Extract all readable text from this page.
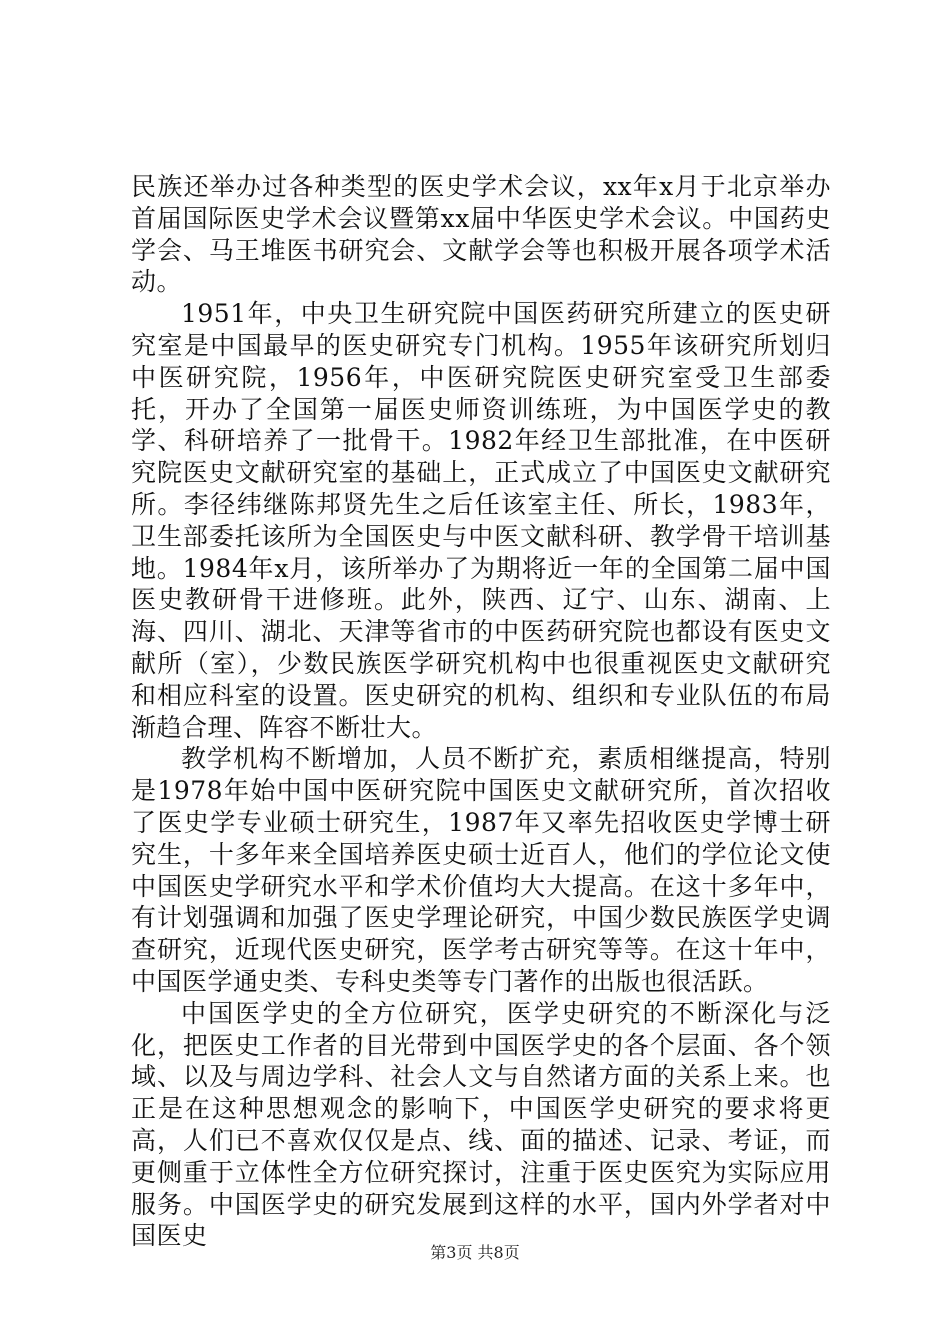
民族还举办过各种类型的医史学术会议，xx年x月于北京举办首届国际医史学术会议暨第xx届中华医史学术会议。中国药史学会、马王堆医书研究会、文献学会等也积极开展各项学术活动。

1951年，中央卫生研究院中国医药研究所建立的医史研究室是中国最早的医史研究专门机构。1955年该研究所划归中医研究院，1956年，中医研究院医史研究室受卫生部委托，开办了全国第一届医史师资训练班，为中国医学史的教学、科研培养了一批骨干。1982年经卫生部批准，在中医研究院医史文献研究室的基础上，正式成立了中国医史文献研究所。李径纬继陈邦贤先生之后任该室主任、所长，1983年，卫生部委托该所为全国医史与中医文献科研、教学骨干培训基地。1984年x月，该所举办了为期将近一年的全国第二届中国医史教研骨干进修班。此外，陕西、辽宁、山东、湖南、上海、四川、湖北、天津等省市的中医药研究院也都设有医史文献所（室），少数民族医学研究机构中也很重视医史文献研究和相应科室的设置。医史研究的机构、组织和专业队伍的布局渐趋合理、阵容不断壮大。

教学机构不断增加，人员不断扩充，素质相继提高，特别是1978年始中国中医研究院中国医史文献研究所，首次招收了医史学专业硕士研究生，1987年又率先招收医史学博士研究生，十多年来全国培养医史硕士近百人，他们的学位论文使中国医史学研究水平和学术价值均大大提高。在这十多年中，有计划强调和加强了医史学理论研究，中国少数民族医学史调查研究，近现代医史研究，医学考古研究等等。在这十年中，中国医学通史类、专科史类等专门著作的出版也很活跃。

中国医学史的全方位研究，医学史研究的不断深化与泛化，把医史工作者的目光带到中国医学史的各个层面、各个领域、以及与周边学科、社会人文与自然诸方面的关系上来。也正是在这种思想观念的影响下，中国医学史研究的要求将更高，人们已不喜欢仅仅是点、线、面的描述、记录、考证，而更侧重于立体性全方位研究探讨，注重于医史医究为实际应用服务。中国医学史的研究发展到这样的水平，国内外学者对中国医史

第3页 共8页
